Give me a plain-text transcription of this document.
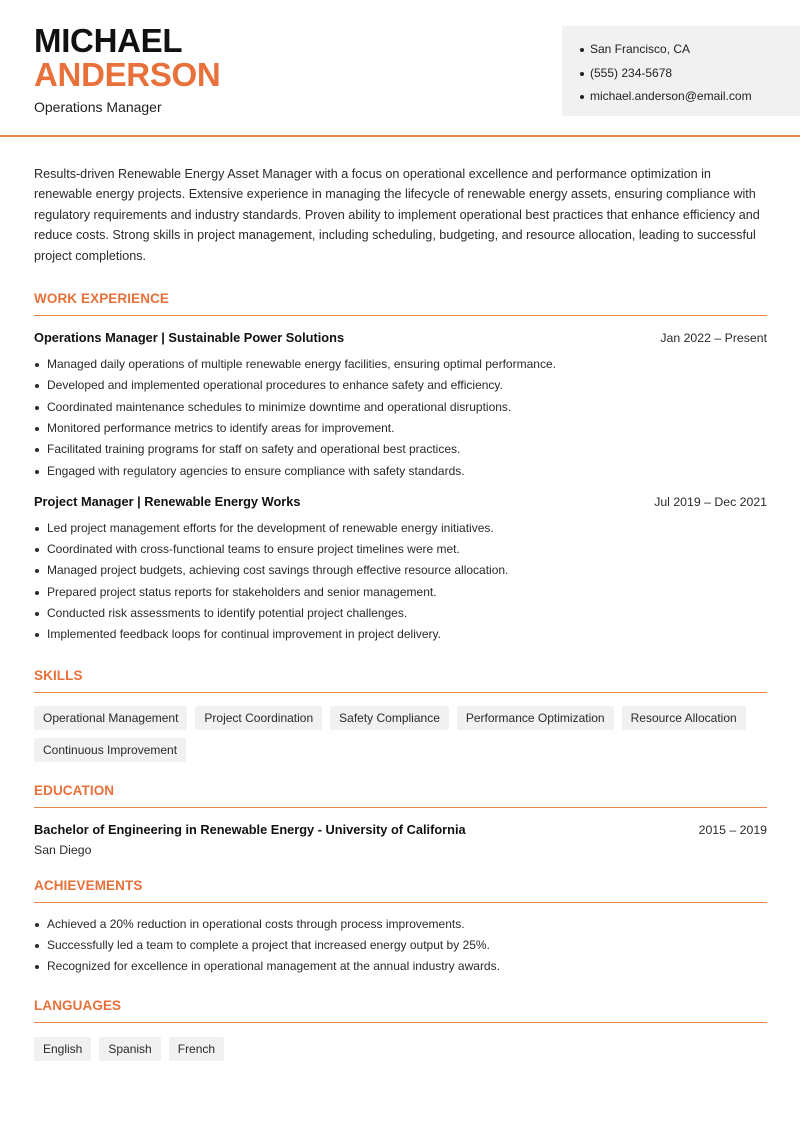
MICHAEL
ANDERSON
Operations Manager
San Francisco, CA
(555) 234-5678
michael.anderson@email.com

Results-driven Renewable Energy Asset Manager with a focus on operational excellence and performance optimization in renewable energy projects. Extensive experience in managing the lifecycle of renewable energy assets, ensuring compliance with regulatory requirements and industry standards. Proven ability to implement operational best practices that enhance efficiency and reduce costs. Strong skills in project management, including scheduling, budgeting, and resource allocation, leading to successful project completions.

WORK EXPERIENCE
Operations Manager | Sustainable Power Solutions	Jan 2022 – Present
Managed daily operations of multiple renewable energy facilities, ensuring optimal performance.
Developed and implemented operational procedures to enhance safety and efficiency.
Coordinated maintenance schedules to minimize downtime and operational disruptions.
Monitored performance metrics to identify areas for improvement.
Facilitated training programs for staff on safety and operational best practices.
Engaged with regulatory agencies to ensure compliance with safety standards.
Project Manager | Renewable Energy Works	Jul 2019 – Dec 2021
Led project management efforts for the development of renewable energy initiatives.
Coordinated with cross-functional teams to ensure project timelines were met.
Managed project budgets, achieving cost savings through effective resource allocation.
Prepared project status reports for stakeholders and senior management.
Conducted risk assessments to identify potential project challenges.
Implemented feedback loops for continual improvement in project delivery.
SKILLS
Operational Management	Project Coordination	Safety Compliance	Performance Optimization	Resource Allocation
Continuous Improvement
EDUCATION
Bachelor of Engineering in Renewable Energy - University of California	2015 – 2019
San Diego
ACHIEVEMENTS
Achieved a 20% reduction in operational costs through process improvements.
Successfully led a team to complete a project that increased energy output by 25%.
Recognized for excellence in operational management at the annual industry awards.
LANGUAGES
English	Spanish	French
